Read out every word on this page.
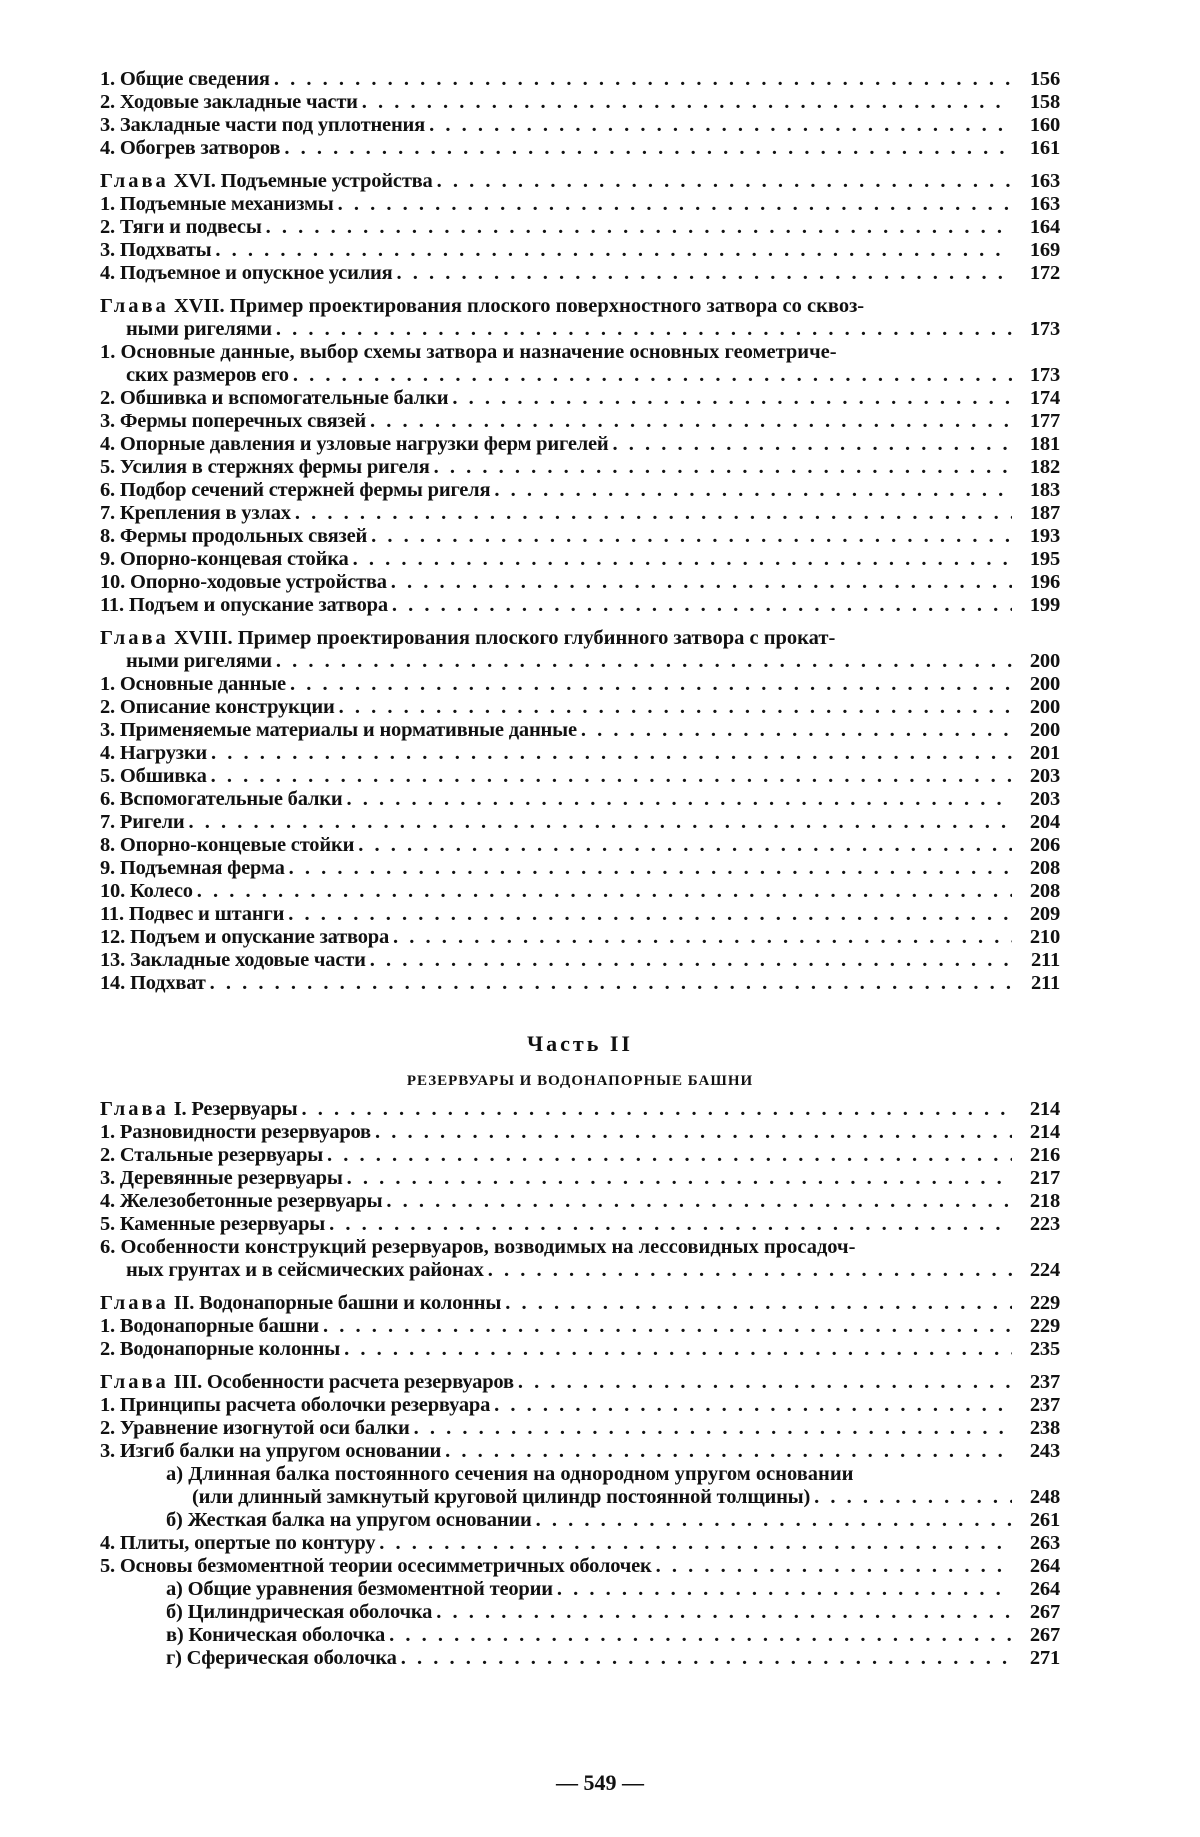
1. Общие сведения . . .	156
2. Ходовые закладные части . . .	158
3. Закладные части под уплотнения . . .	160
4. Обогрев затворов . . .	161
Глава XVI. Подъемные устройства . . .	163
1. Подъемные механизмы . . .	163
2. Тяги и подвесы . . .	164
3. Подхваты . . .	169
4. Подъемное и опускное усилия . . .	172
Глава XVII. Пример проектирования плоского поверхностного затвора со сквоз-
ными ригелями . . .	173
1. Основные данные, выбор схемы затвора и назначение основных геометриче-
ских размеров его . . .	173
2. Обшивка и вспомогательные балки . . .	174
3. Фермы поперечных связей . . .	177
4. Опорные давления и узловые нагрузки ферм ригелей . . .	181
5. Усилия в стержнях фермы ригеля . . .	182
6. Подбор сечений стержней фермы ригеля . . .	183
7. Крепления в узлах . . .	187
8. Фермы продольных связей . . .	193
9. Опорно-концевая стойка . . .	195
10. Опорно-ходовые устройства . . .	196
11. Подъем и опускание затвора . . .	199
Глава XVIII. Пример проектирования плоского глубинного затвора с прокат-
ными ригелями . . .	200
1. Основные данные . . .	200
2. Описание конструкции . . .	200
3. Применяемые материалы и нормативные данные . . .	200
4. Нагрузки . . .	201
5. Обшивка . . .	203
6. Вспомогательные балки . . .	203
7. Ригели . . .	204
8. Опорно-концевые стойки . . .	206
9. Подъемная ферма . . .	208
10. Колесо . . .	208
11. Подвес и штанги . . .	209
12. Подъем и опускание затвора . . .	210
13. Закладные ходовые части . . .	211
14. Подхват . . .	211
Часть II
РЕЗЕРВУАРЫ И ВОДОНАПОРНЫЕ БАШНИ
Глава I. Резервуары . . .	214
1. Разновидности резервуаров . . .	214
2. Стальные резервуары . . .	216
3. Деревянные резервуары . . .	217
4. Железобетонные резервуары . . .	218
5. Каменные резервуары . . .	223
6. Особенности конструкций резервуаров, возводимых на лессовидных просадоч-
ных грунтах и в сейсмических районах . . .	224
Глава II. Водонапорные башни и колонны . . .	229
1. Водонапорные башни . . .	229
2. Водонапорные колонны . . .	235
Глава III. Особенности расчета резервуаров . . .	237
1. Принципы расчета оболочки резервуара . . .	237
2. Уравнение изогнутой оси балки . . .	238
3. Изгиб балки на упругом основании . . .	243
а) Длинная балка постоянного сечения на однородном упругом основании
(или длинный замкнутый круговой цилиндр постоянной толщины) . . .	248
б) Жесткая балка на упругом основании . . .	261
4. Плиты, опертые по контуру . . .	263
5. Основы безмоментной теории осесимметричных оболочек . . .	264
а) Общие уравнения безмоментной теории . . .	264
б) Цилиндрическая оболочка . . .	267
в) Коническая оболочка . . .	267
г) Сферическая оболочка . . .	271
— 549 —
